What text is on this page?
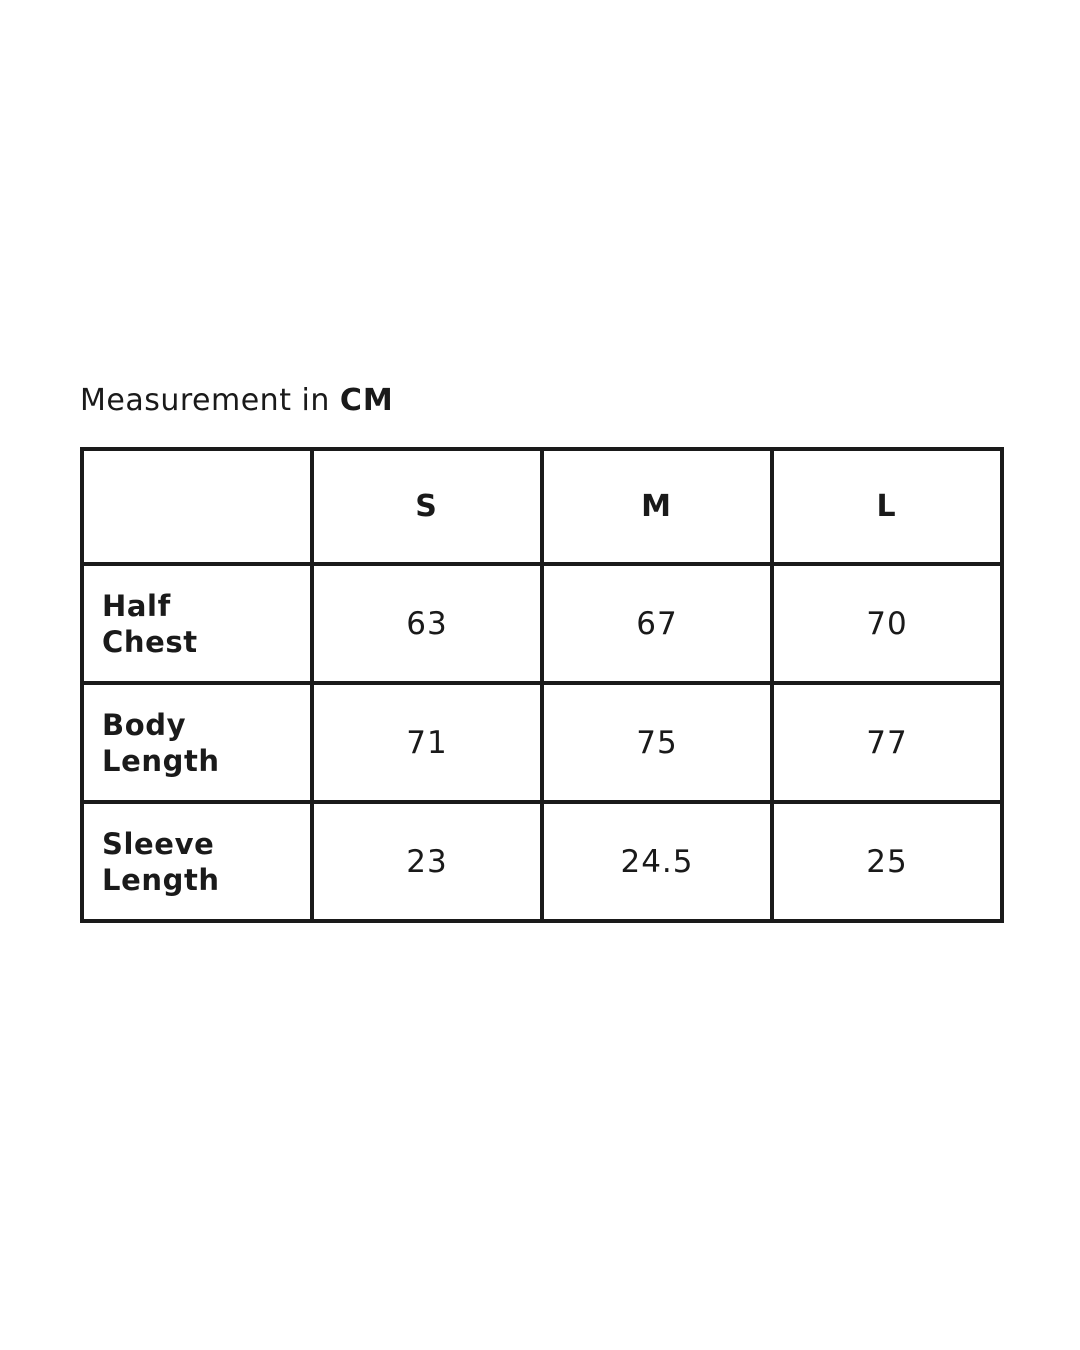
Measurement in CM
	S	M	L

Half
Chest	63	67	70

Body
Length	71	75	77

Sleeve
Length	23	24.5	25
